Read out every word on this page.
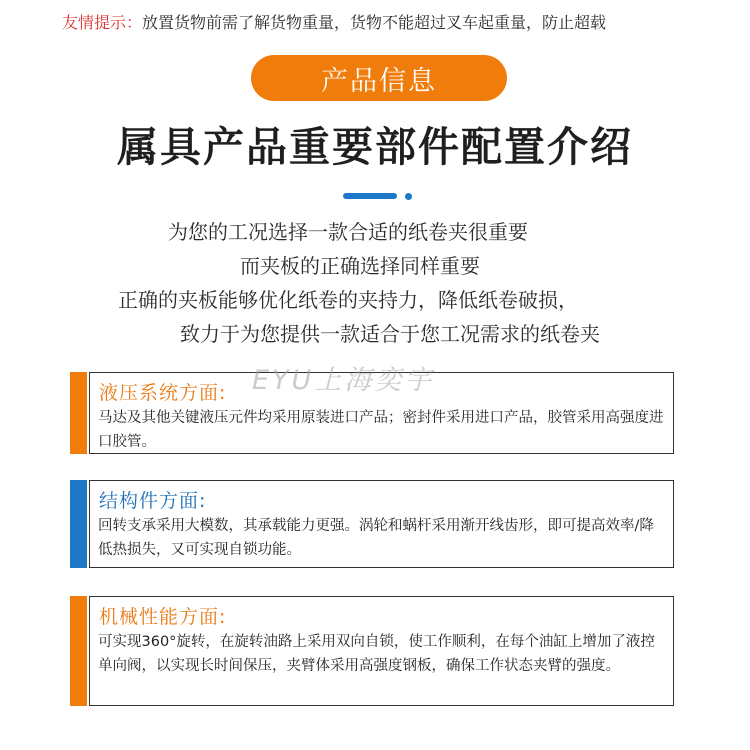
友情提示：放置货物前需了解货物重量，货物不能超过叉车起重量，防止超载
产品信息
属具产品重要部件配置介绍
为您的工况选择一款合适的纸卷夹很重要
而夹板的正确选择同样重要
正确的夹板能够优化纸卷的夹持力，降低纸卷破损，
致力于为您提供一款适合于您工况需求的纸卷夹
液压系统方面:
马达及其他关键液压元件均采用原装进口产品；密封件采用进口产品，胶管采用高强度进口胶管。
结构件方面:
回转支承采用大模数，其承载能力更强。涡轮和蜗杆采用渐开线齿形，即可提高效率/降低热损失，又可实现自锁功能。
机械性能方面:
可实现360°旋转，在旋转油路上采用双向自锁，使工作顺利，在每个油缸上增加了液控单向阀，以实现长时间保压，夹臂体采用高强度钢板，确保工作状态夹臂的强度。
EYU上海奕宇
